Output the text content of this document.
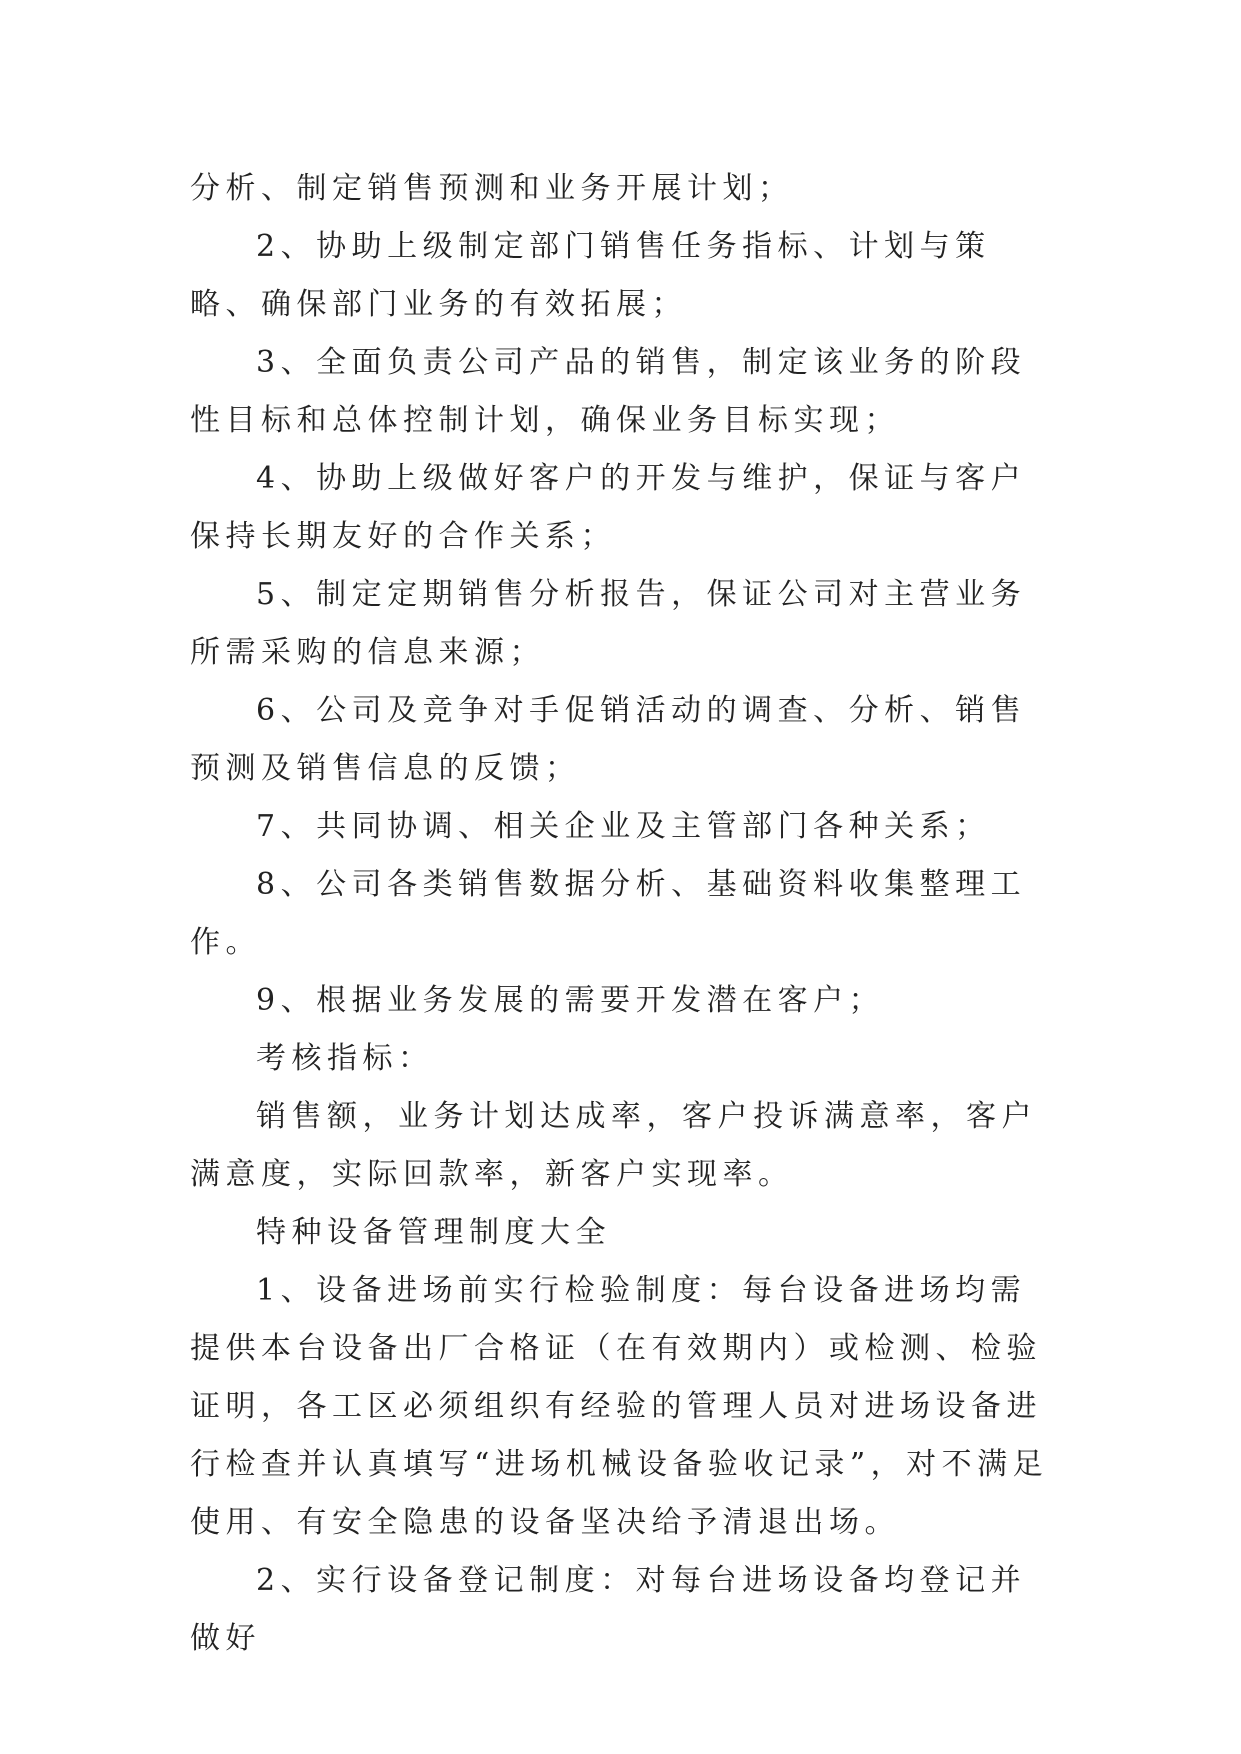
分析、制定销售预测和业务开展计划；

2、协助上级制定部门销售任务指标、计划与策略、确保部门业务的有效拓展；

3、全面负责公司产品的销售，制定该业务的阶段性目标和总体控制计划，确保业务目标实现；

4、协助上级做好客户的开发与维护，保证与客户保持长期友好的合作关系；

5、制定定期销售分析报告，保证公司对主营业务所需采购的信息来源；

6、公司及竞争对手促销活动的调查、分析、销售预测及销售信息的反馈；

7、共同协调、相关企业及主管部门各种关系；

8、公司各类销售数据分析、基础资料收集整理工作。

9、根据业务发展的需要开发潜在客户；

考核指标：

销售额，业务计划达成率，客户投诉满意率，客户满意度，实际回款率，新客户实现率。

特种设备管理制度大全

1、设备进场前实行检验制度：每台设备进场均需提供本台设备出厂合格证（在有效期内）或检测、检验证明，各工区必须组织有经验的管理人员对进场设备进行检查并认真填写“进场机械设备验收记录”，对不满足使用、有安全隐患的设备坚决给予清退出场。

2、实行设备登记制度：对每台进场设备均登记并做好
